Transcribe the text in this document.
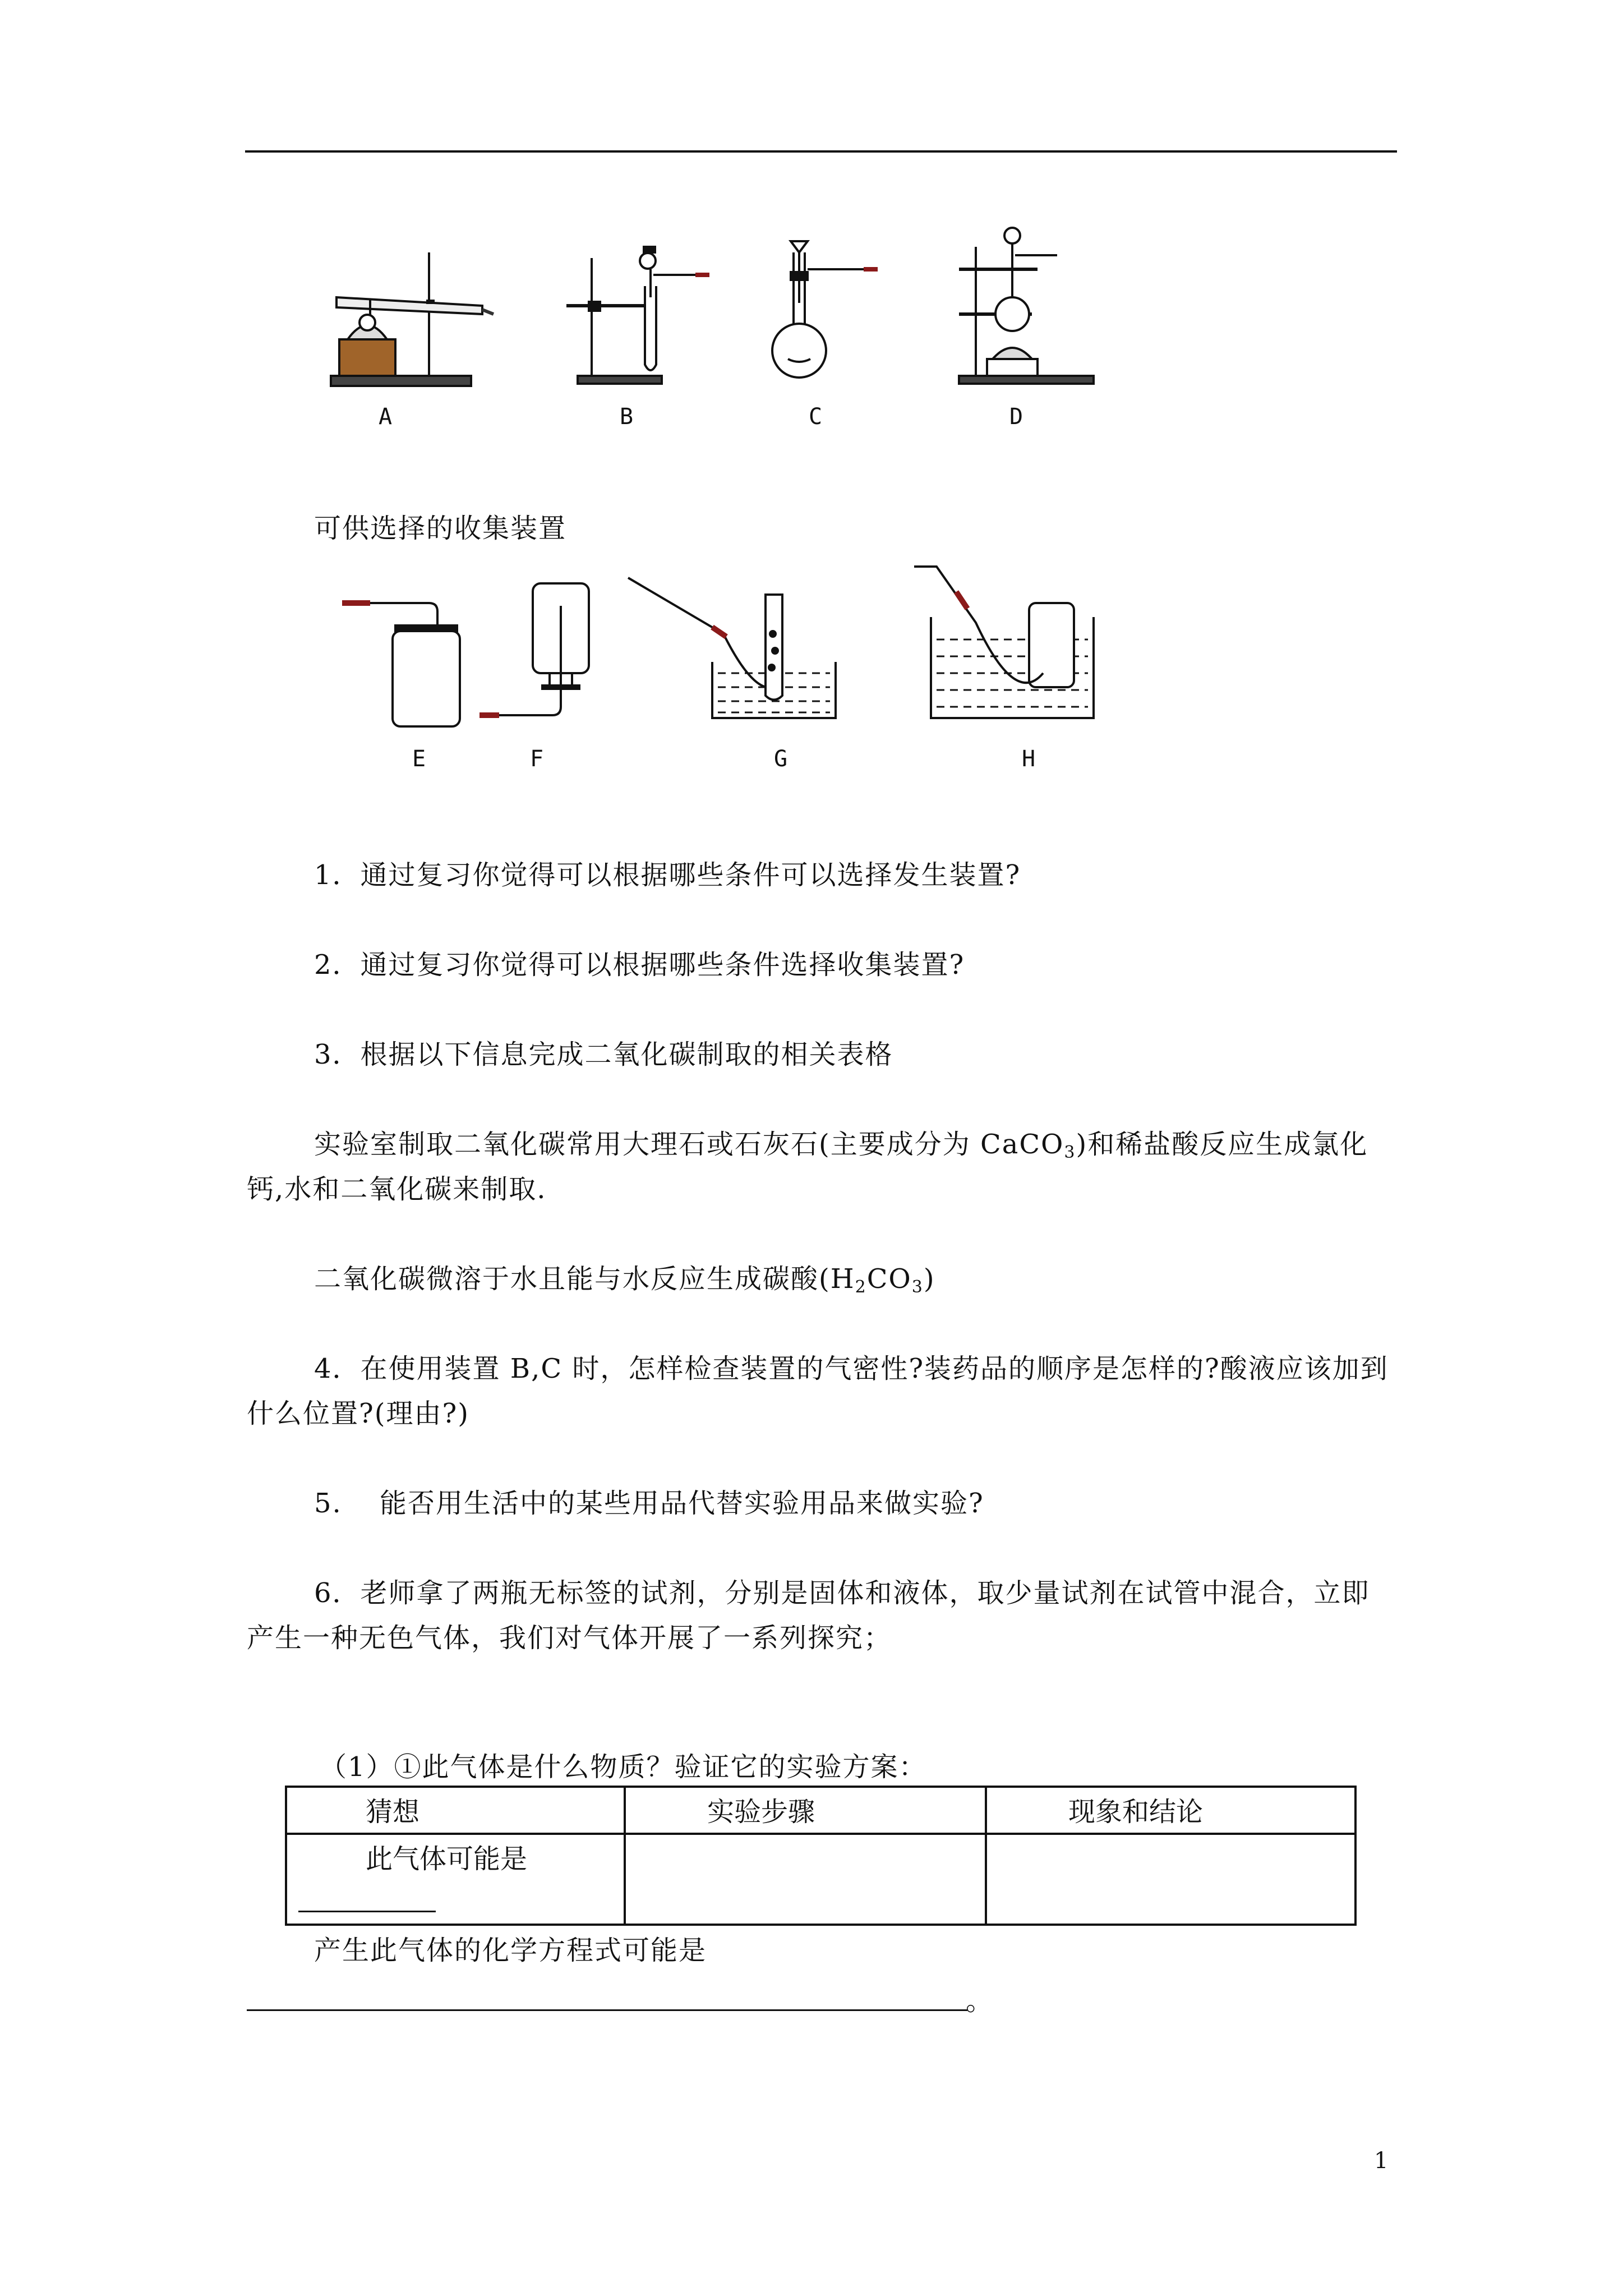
A	B	C	D
可供选择的收集装置
E	F	G	H
1．通过复习你觉得可以根据哪些条件可以选择发生装置?
2．通过复习你觉得可以根据哪些条件选择收集装置?
3．根据以下信息完成二氧化碳制取的相关表格
实验室制取二氧化碳常用大理石或石灰石(主要成分为 CaCO$_3$)和稀盐酸反应生成氯化
钙,水和二氧化碳来制取.
二氧化碳微溶于水且能与水反应生成碳酸$(H_2CO_3)$
4．在使用装置 B,C 时，怎样检查装置的气密性?装药品的顺序是怎样的?酸液应该加到
什么位置?(理由?)
5.　 能否用生活中的某些用品代替实验用品来做实验?
6．老师拿了两瓶无标签的试剂，分别是固体和液体，取少量试剂在试管中混合，立即
产生一种无色气体，我们对气体开展了一系列探究；
（1）①此气体是什么物质？验证它的实验方案：
猜想	实验步骤	现象和结论

此气体可能是		

产生此气体的化学方程式可能是
。
1
